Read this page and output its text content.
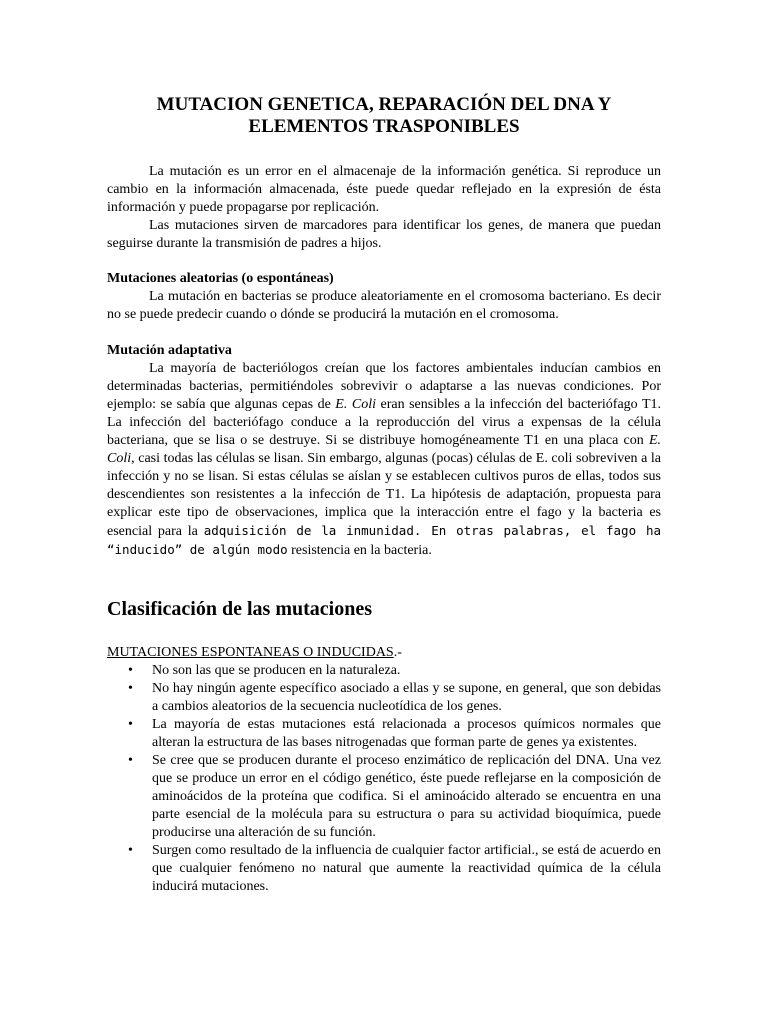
MUTACION GENETICA, REPARACIÓN DEL DNA Y
ELEMENTOS TRASPONIBLES
La mutación es un error en el almacenaje de la información genética. Si reproduce un cambio en la información almacenada, éste puede quedar reflejado en la expresión de ésta información y puede propagarse por replicación.
Las mutaciones sirven de marcadores para identificar los genes, de manera que puedan seguirse durante la transmisión de padres a hijos.
Mutaciones aleatorias (o espontáneas)
La mutación en bacterias se produce aleatoriamente en el cromosoma bacteriano. Es decir no se puede predecir cuando o dónde se producirá la mutación en el cromosoma.
Mutación adaptativa
La mayoría de bacteriólogos creían que los factores ambientales inducían cambios en determinadas bacterias, permitiéndoles sobrevivir o adaptarse a las nuevas condiciones. Por ejemplo: se sabía que algunas cepas de E. Coli eran sensibles a la infección del bacteriófago T1. La infección del bacteriófago conduce a la reproducción del virus a expensas de la célula bacteriana, que se lisa o se destruye. Si se distribuye homogéneamente T1 en una placa con E. Coli, casi todas las células se lisan. Sin embargo, algunas (pocas) células de E. coli sobreviven a la infección y no se lisan. Si estas células se aíslan y se establecen cultivos puros de ellas, todos sus descendientes son resistentes a la infección de T1. La hipótesis de adaptación, propuesta para explicar este tipo de observaciones, implica que la interacción entre el fago y la bacteria es esencial para la adquisición de la inmunidad. En otras palabras, el fago ha “inducido” de algún modo resistencia en la bacteria.
Clasificación de las mutaciones
MUTACIONES ESPONTANEAS O INDUCIDAS.-
• No son las que se producen en la naturaleza.
• No hay ningún agente específico asociado a ellas y se supone, en general, que son debidas a cambios aleatorios de la secuencia nucleotídica de los genes.
• La mayoría de estas mutaciones está relacionada a procesos químicos normales que alteran la estructura de las bases nitrogenadas que forman parte de genes ya existentes.
• Se cree que se producen durante el proceso enzimático de replicación del DNA. Una vez que se produce un error en el código genético, éste puede reflejarse en la composición de aminoácidos de la proteína que codifica. Si el aminoácido alterado se encuentra en una parte esencial de la molécula para su estructura o para su actividad bioquímica, puede producirse una alteración de su función.
• Surgen como resultado de la influencia de cualquier factor artificial., se está de acuerdo en que cualquier fenómeno no natural que aumente la reactividad química de la célula inducirá mutaciones.
